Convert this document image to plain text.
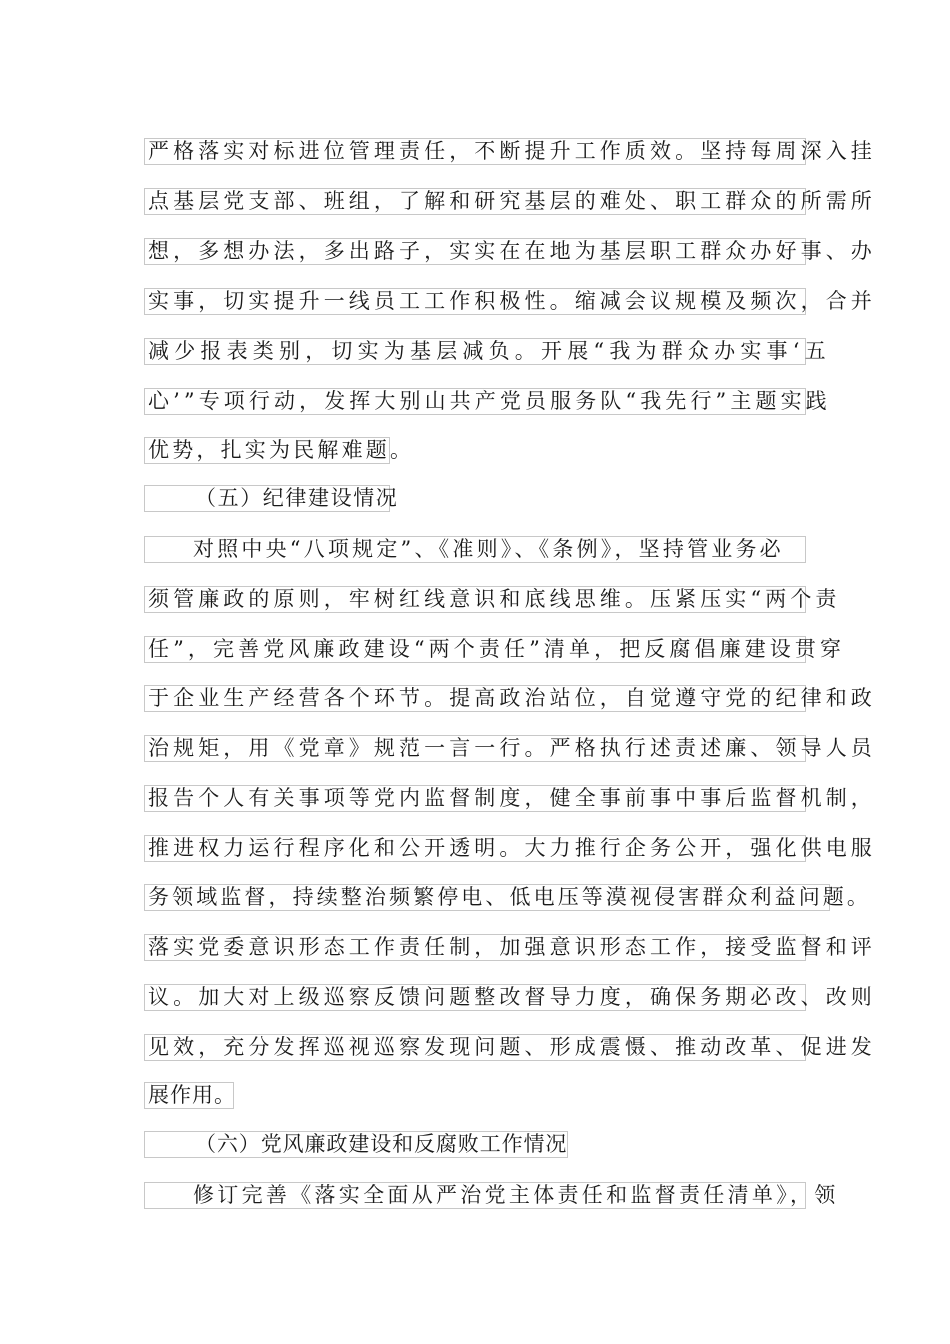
严格落实对标进位管理责任，不断提升工作质效。坚持每周深入挂
点基层党支部、班组，了解和研究基层的难处、职工群众的所需所
想，多想办法，多出路子，实实在在地为基层职工群众办好事、办
实事，切实提升一线员工工作积极性。缩减会议规模及频次，合并
减少报表类别，切实为基层减负。开展“我为群众办实事‘五
心’”专项行动，发挥大别山共产党员服务队“我先行”主题实践
优势，扎实为民解难题。
（五）纪律建设情况
对照中央“八项规定”、《准则》、《条例》，坚持管业务必
须管廉政的原则，牢树红线意识和底线思维。压紧压实“两个责
任”，完善党风廉政建设“两个责任”清单，把反腐倡廉建设贯穿
于企业生产经营各个环节。提高政治站位，自觉遵守党的纪律和政
治规矩，用《党章》规范一言一行。严格执行述责述廉、领导人员
报告个人有关事项等党内监督制度，健全事前事中事后监督机制，
推进权力运行程序化和公开透明。大力推行企务公开，强化供电服
务领域监督，持续整治频繁停电、低电压等漠视侵害群众利益问题。
落实党委意识形态工作责任制，加强意识形态工作，接受监督和评
议。加大对上级巡察反馈问题整改督导力度，确保务期必改、改则
见效，充分发挥巡视巡察发现问题、形成震慑、推动改革、促进发
展作用。
（六）党风廉政建设和反腐败工作情况
修订完善《落实全面从严治党主体责任和监督责任清单》，领
